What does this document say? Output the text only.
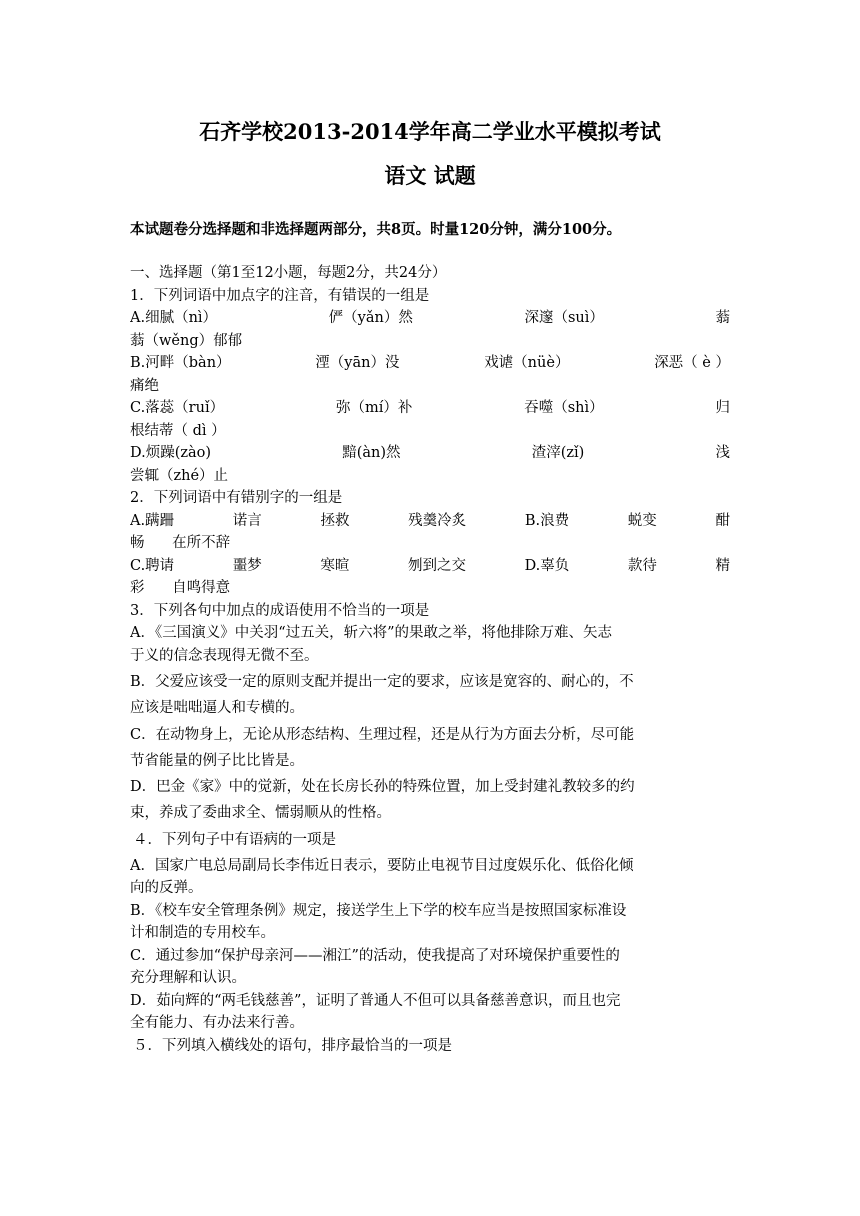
石齐学校2013-2014学年高二学业水平模拟考试
语文 试题
本试题卷分选择题和非选择题两部分，共8页。时量120分钟，满分100分。
一、选择题（第1至12小题，每题2分，共24分）
1．下列词语中加点字的注音，有错误的一组是
A.细腻（nì）	俨（yǎn）然	深邃（suì）	蓊
蓊（wěng）郁郁
B.河畔（bàn）	湮（yān）没	戏谑（nüè）	深恶（ è ）
痛绝
C.落蕊（ruǐ）	弥（mí）补	吞噬（shì）	归
根结蒂（ dì ）
D.烦躁(zào)	黯(àn)然	渣滓(zǐ)	浅
尝辄（zhé）止
2．下列词语中有错别字的一组是
A.蹒跚	诺言	拯救	残羹冷炙	B.浪费	蜕变	酣
畅      在所不辞
C.聘请	噩梦	寒暄	刎到之交	D.辜负	款待	精
彩      自鸣得意
3．下列各句中加点的成语使用不恰当的一项是
A．《三国演义》中关羽“过五关，斩六将”的果敢之举，将他排除万难、矢志
于义的信念表现得无微不至。
B．父爱应该受一定的原则支配并提出一定的要求，应该是宽容的、耐心的，不
应该是咄咄逼人和专横的。
C．在动物身上，无论从形态结构、生理过程，还是从行为方面去分析，尽可能
节省能量的例子比比皆是。
D．巴金《家》中的觉新，处在长房长孙的特殊位置，加上受封建礼教较多的约
束，养成了委曲求全、懦弱顺从的性格。
４．下列句子中有语病的一项是
A．国家广电总局副局长李伟近日表示，要防止电视节目过度娱乐化、低俗化倾
向的反弹。
B．《校车安全管理条例》规定，接送学生上下学的校车应当是按照国家标准设
计和制造的专用校车。
C．通过参加“保护母亲河——湘江”的活动，使我提高了对环境保护重要性的
充分理解和认识。
D．茹向辉的“两毛钱慈善”，证明了普通人不但可以具备慈善意识，而且也完
全有能力、有办法来行善。
５．下列填入横线处的语句，排序最恰当的一项是
